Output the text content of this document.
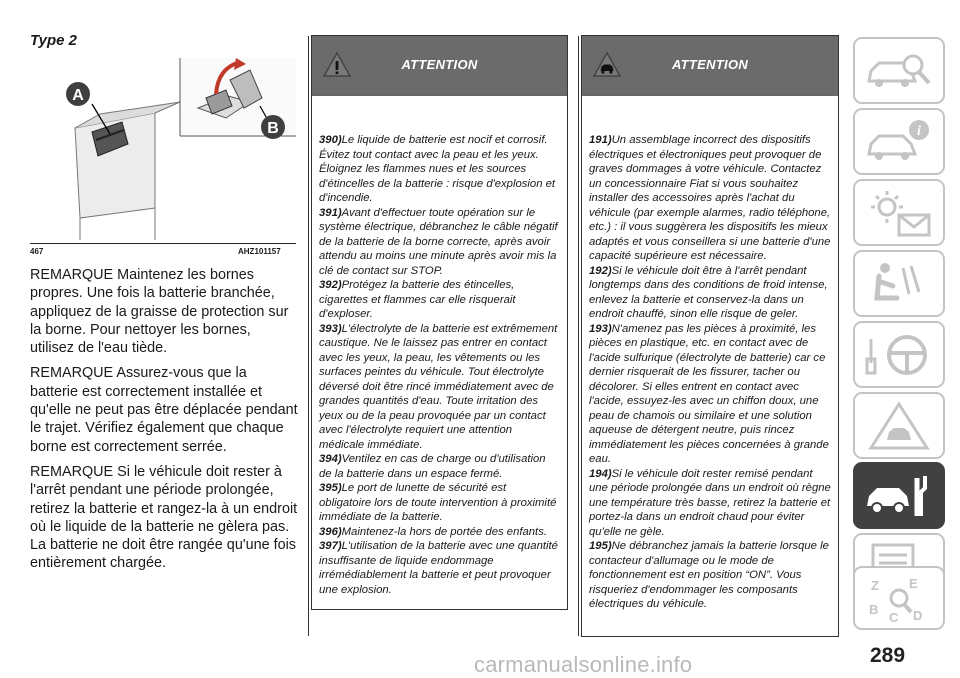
Type 2
A
B
467	AHZ101157

REMARQUE Maintenez les bornes propres. Une fois la batterie branchée, appliquez de la graisse de protection sur la borne. Pour nettoyer les bornes, utilisez de l'eau tiède.

REMARQUE Assurez-vous que la batterie est correctement installée et qu'elle ne peut pas être déplacée pendant le trajet. Vérifiez également que chaque borne est correctement serrée.

REMARQUE Si le véhicule doit rester à l'arrêt pendant une période prolongée, retirez la batterie et rangez-la à un endroit où le liquide de la batterie ne gèlera pas. La batterie ne doit être rangée qu'une fois entièrement chargée.

ATTENTION
390)Le liquide de batterie est nocif et corrosif. Évitez tout contact avec la peau et les yeux. Éloignez les flammes nues et les sources d'étincelles de la batterie : risque d'explosion et d'incendie.
391)Avant d'effectuer toute opération sur le système électrique, débranchez le câble négatif de la batterie de la borne correcte, après avoir attendu au moins une minute après avoir mis la clé de contact sur STOP.
392)Protégez la batterie des étincelles, cigarettes et flammes car elle risquerait d'exploser.
393)L'électrolyte de la batterie est extrêmement caustique. Ne le laissez pas entrer en contact avec les yeux, la peau, les vêtements ou les surfaces peintes du véhicule. Tout électrolyte déversé doit être rincé immédiatement avec de grandes quantités d'eau. Toute irritation des yeux ou de la peau provoquée par un contact avec l'électrolyte requiert une attention médicale immédiate.
394)Ventilez en cas de charge ou d'utilisation de la batterie dans un espace fermé.
395)Le port de lunette de sécurité est obligatoire lors de toute intervention à proximité immédiate de la batterie.
396)Maintenez-la hors de portée des enfants.
397)L'utilisation de la batterie avec une quantité insuffisante de liquide endommage irrémédiablement la batterie et peut provoquer une explosion.
ATTENTION
191)Un assemblage incorrect des dispositifs électriques et électroniques peut provoquer de graves dommages à votre véhicule. Contactez un concessionnaire Fiat si vous souhaitez installer des accessoires après l'achat du véhicule (par exemple alarmes, radio téléphone, etc.) : il vous suggèrera les dispositifs les mieux adaptés et vous conseillera si une batterie d'une capacité supérieure est nécessaire.
192)Si le véhicule doit être à l'arrêt pendant longtemps dans des conditions de froid intense, enlevez la batterie et conservez-la dans un endroit chauffé, sinon elle risque de geler.
193)N'amenez pas les pièces à proximité, les pièces en plastique, etc. en contact avec de l'acide sulfurique (électrolyte de batterie) car ce dernier risquerait de les fissurer, tacher ou décolorer. Si elles entrent en contact avec l'acide, essuyez-les avec un chiffon doux, une peau de chamois ou similaire et une solution aqueuse de détergent neutre, puis rincez immédiatement les pièces concernées à grande eau.
194)Si le véhicule doit rester remisé pendant une période prolongée dans un endroit où règne une température très basse, retirez la batterie et portez-la dans un endroit chaud pour éviter qu'elle ne gèle.
195)Ne débranchez jamais la batterie lorsque le contacteur d'allumage ou le mode de fonctionnement est en position “ON”. Vous risqueriez d'endommager les composants électriques du véhicule.
i
Z E
B
C D
289
carmanualsonline.info
